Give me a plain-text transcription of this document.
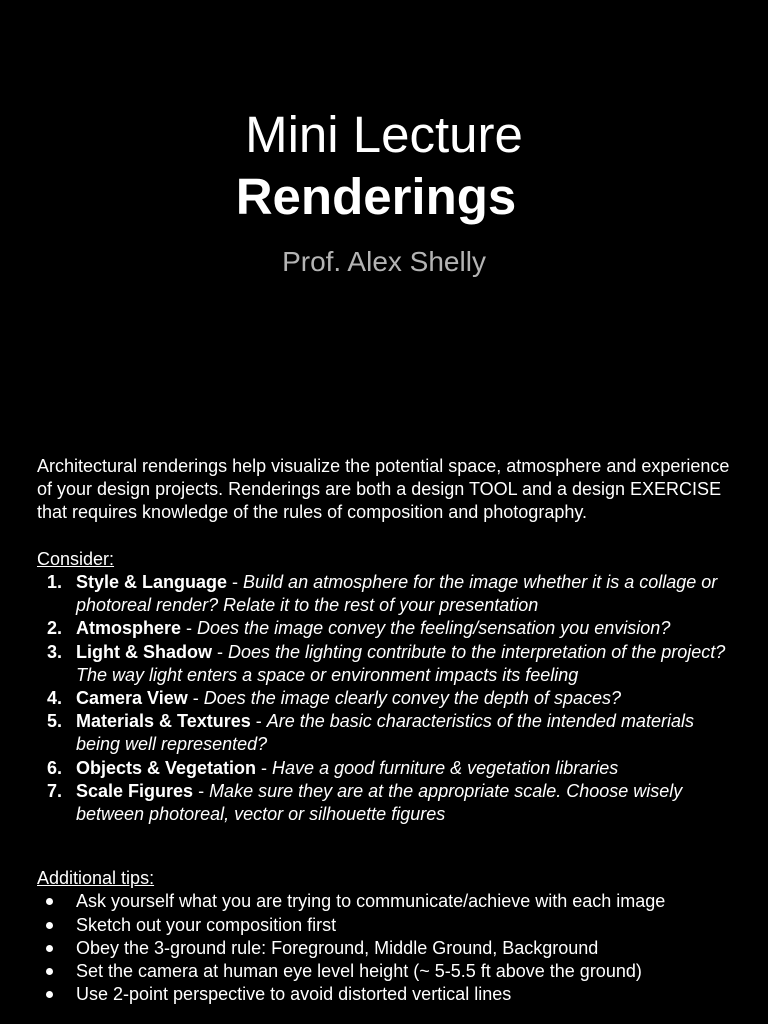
Mini Lecture
Renderings
Prof. Alex Shelly

Architectural renderings help visualize the potential space, atmosphere and experience of your design projects. Renderings are both a design TOOL and a design EXERCISE that requires knowledge of the rules of composition and photography.

Consider:
1. Style & Language - Build an atmosphere for the image whether it is a collage or photoreal render? Relate it to the rest of your presentation
2. Atmosphere - Does the image convey the feeling/sensation you envision?
3. Light & Shadow - Does the lighting contribute to the interpretation of the project? The way light enters a space or environment impacts its feeling
4. Camera View - Does the image clearly convey the depth of spaces?
5. Materials & Textures - Are the basic characteristics of the intended materials being well represented?
6. Objects & Vegetation - Have a good furniture & vegetation libraries
7. Scale Figures - Make sure they are at the appropriate scale. Choose wisely between photoreal, vector or silhouette figures
Additional tips:
Ask yourself what you are trying to communicate/achieve with each image
Sketch out your composition first
Obey the 3-ground rule: Foreground, Middle Ground, Background
Set the camera at human eye level height (~ 5-5.5 ft above the ground)
Use 2-point perspective to avoid distorted vertical lines
